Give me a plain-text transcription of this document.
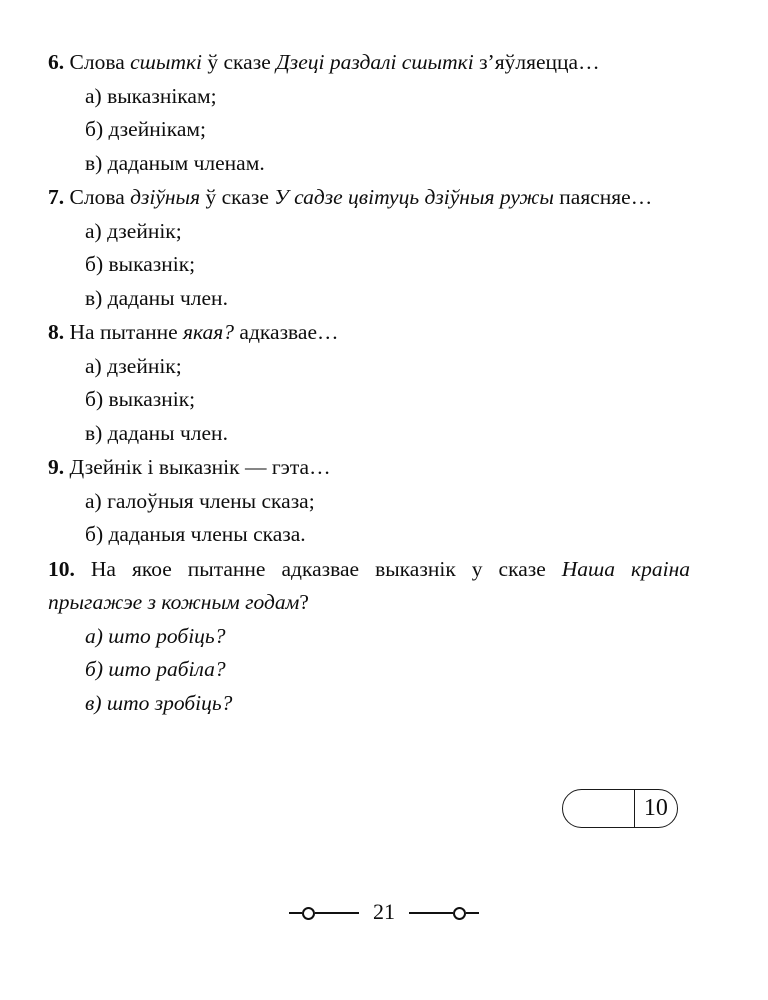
6. Слова сшыткі ў сказе Дзеці раздалі сшыткі з’яўляецца…

а) выказнікам;
б) дзейнікам;
в) даданым членам.

7. Слова дзіўныя ў сказе У садзе цвітуць дзіўныя ружы паясняе…

а) дзейнік;
б) выказнік;
в) даданы член.

8. На пытанне якая? адказвае…

а) дзейнік;
б) выказнік;
в) даданы член.

9. Дзейнік і выказнік — гэта…

а) галоўныя члены сказа;
б) даданыя члены сказа.

10. На якое пытанне адказвае выказнік у сказе Наша краіна прыгажэе з кожным годам?

а) што робіць?
б) што рабіла?
в) што зробіць?
10
21
